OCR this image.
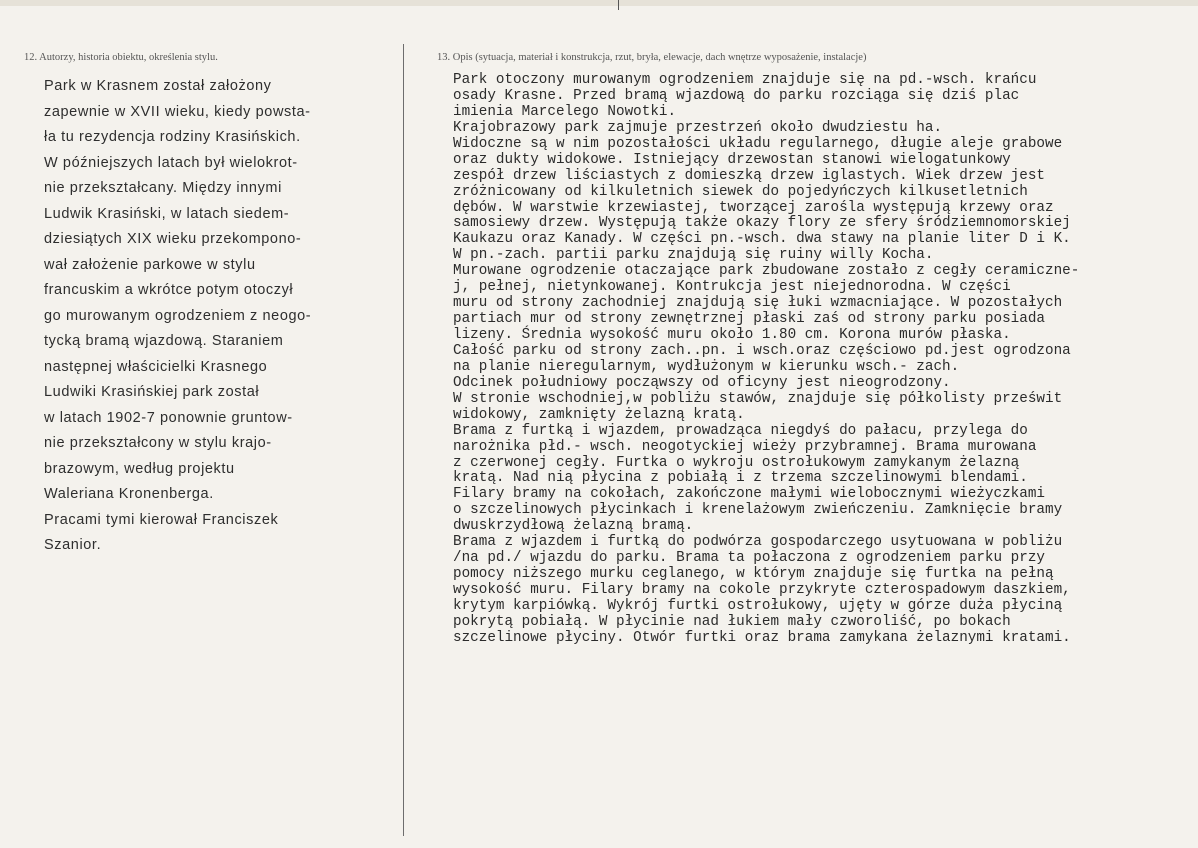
12. Autorzy, historia obiektu, określenia stylu.	13. Opis (sytuacja, materiał i konstrukcja, rzut, bryła, elewacje, dach wnętrze wyposażenie, instalacje)
Park w Krasnem został założony
zapewnie w XVII wieku, kiedy powsta-
ła tu rezydencja rodziny Krasińskich.
W późniejszych latach był wielokrot-
nie przekształcany. Między innymi
Ludwik Krasiński, w latach siedem-
dziesiątych XIX wieku przekompono-
wał założenie parkowe w stylu
francuskim a wkrótce potym otoczył
go murowanym ogrodzeniem z neogo-
tycką bramą wjazdową. Staraniem
następnej właścicielki Krasnego
Ludwiki Krasińskiej park został
w latach 1902-7 ponownie gruntow-
nie przekształcony w stylu krajo-
brazowym, według projektu
Waleriana Kronenberga.
Pracami tymi kierował Franciszek
Szanior.
Park otoczony murowanym ogrodzeniem znajduje się na pd.-wsch. krańcu
osady Krasne. Przed bramą wjazdową do parku rozciąga się dziś plac
imienia Marcelego Nowotki.
Krajobrazowy park zajmuje przestrzeń około dwudziestu ha.
Widoczne są w nim pozostałości układu regularnego, długie aleje grabowe
oraz dukty widokowe. Istniejący drzewostan stanowi wielogatunkowy
zespół drzew liściastych z domieszką drzew iglastych. Wiek drzew jest
zróżnicowany od kilkuletnich siewek do pojedyńczych kilkusetletnich
dębów. W warstwie krzewiastej, tworzącej zarośla występują krzewy oraz
samosiewy drzew. Występują także okazy flory ze sfery śródziemnomorskiej
Kaukazu oraz Kanady. W części pn.-wsch. dwa stawy na planie liter D i K.
W pn.-zach. partii parku znajdują się ruiny willy Kocha.
Murowane ogrodzenie otaczające park zbudowane zostało z cegły ceramiczne-
j, pełnej, nietynkowanej. Kontrukcja jest niejednorodna. W części
muru od strony zachodniej znajdują się łuki wzmacniające. W pozostałych
partiach mur od strony zewnętrznej płaski zaś od strony parku posiada
lizeny. Średnia wysokość muru około 1.80 cm. Korona murów płaska.
Całość parku od strony zach..pn. i wsch.oraz częściowo pd.jest ogrodzona
na planie nieregularnym, wydłużonym w kierunku wsch.- zach.
Odcinek południowy począwszy od oficyny jest nieogrodzony.
W stronie wschodniej,w pobliżu stawów, znajduje się półkolisty prześwit
widokowy, zamknięty żelazną kratą.
Brama z furtką i wjazdem, prowadząca niegdyś do pałacu, przylega do
narożnika płd.- wsch. neogotyckiej wieży przybramnej. Brama murowana
z czerwonej cegły. Furtka o wykroju ostrołukowym zamykanym żelazną
kratą. Nad nią płycina z pobiałą i z trzema szczelinowymi blendami.
Filary bramy na cokołach, zakończone małymi wielobocznymi wieżyczkami
o szczelinowych płycinkach i krenelażowym zwieńczeniu. Zamknięcie bramy
dwuskrzydłową żelazną bramą.
Brama z wjazdem i furtką do podwórza gospodarczego usytuowana w pobliżu
/na pd./ wjazdu do parku. Brama ta połaczona z ogrodzeniem parku przy
pomocy niższego murku ceglanego, w którym znajduje się furtka na pełną
wysokość muru. Filary bramy na cokole przykryte czterospadowym daszkiem,
krytym karpiówką. Wykrój furtki ostrołukowy, ujęty w górze duża płyciną
pokrytą pobiałą. W płycinie nad łukiem mały czworoliść, po bokach
szczelinowe płyciny. Otwór furtki oraz brama zamykana żelaznymi kratami.
